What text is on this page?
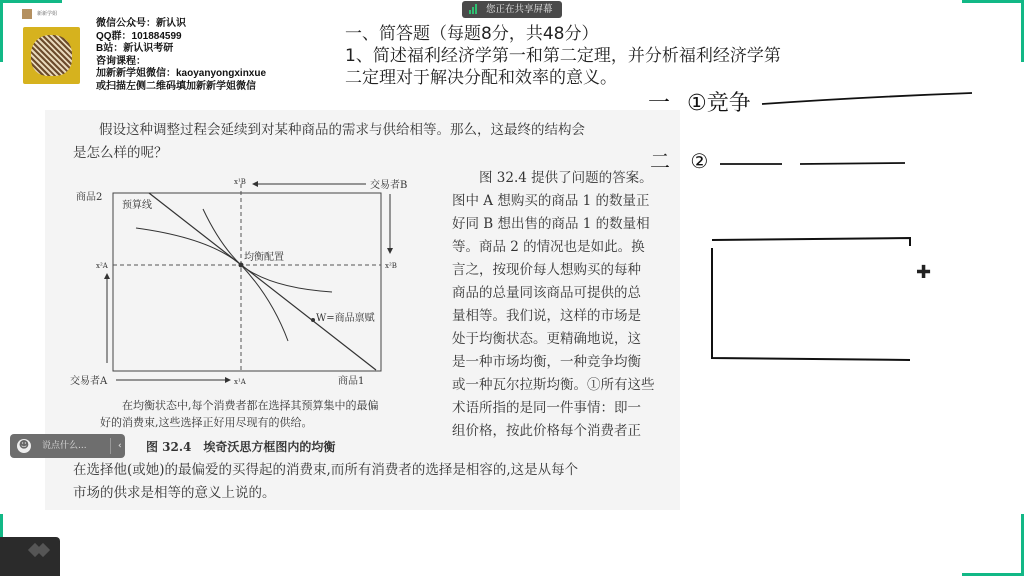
新新学姐
微信公众号：新认识
QQ群：101884599
B站：新认识考研
咨询课程：
加新新学姐微信：kaoyanyongxinxue
或扫描左侧二维码填加新新学姐微信
您正在共享屏幕
一、简答题（每题8分，共48分）
1、简述福利经济学第一和第二定理，并分析福利经济学第
二定理对于解决分配和效率的意义。
假设这种调整过程会延续到对某种商品的需求与供给相等。那么，这最终的结构会
是怎么样的呢？
图 32.4 提供了问题的答案。
图中 A 想购买的商品 1 的数量正
好同 B 想出售的商品 1 的数量相
等。商品 2 的情况也是如此。换
言之，按现价每人想购买的每种
商品的总量同该商品可提供的总
量相等。我们说，这样的市场是
处于均衡状态。更精确地说，这
是一种市场均衡，一种竞争均衡
或一种瓦尔拉斯均衡。①所有这些
术语所指的是同一件事情：即一
组价格，按此价格每个消费者正
在选择他(或她)的最偏爱的买得起的消费束,而所有消费者的选择是相容的,这是从每个
市场的供求是相等的意义上说的。
商品2
商品1
交易者A
交易者B
预算线
均衡配置
W=商品禀赋
x¹A
x¹B
x²A	x²B
在均衡状态中,每个消费者都在选择其预算集中的最偏
好的消费束,这些选择正好用尽现有的供给。
图 32.4　埃奇沃思方框图内的均衡
一 ①竞争
二 ②
✚
☻ 说点什么...	‹
